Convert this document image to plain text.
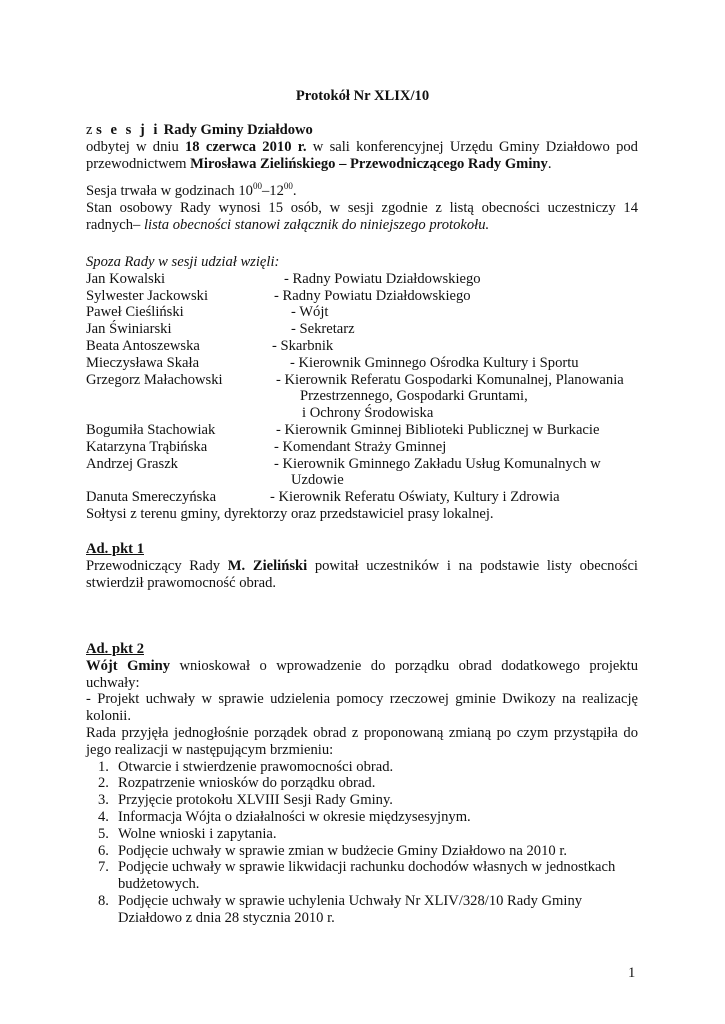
Protokół Nr XLIX/10
z s e s j i Rady Gminy Działdowo
odbytej w dniu 18 czerwca 2010 r. w sali konferencyjnej Urzędu Gminy Działdowo pod przewodnictwem Mirosława Zielińskiego – Przewodniczącego Rady Gminy.
Sesja trwała w godzinach $10^{00}-12^{00}$.
Stan osobowy Rady wynosi 15 osób, w sesji zgodnie z listą obecności uczestniczy 14 radnych– lista obecności stanowi załącznik do niniejszego protokołu.
Spoza Rady w sesji udział wzięli:
Jan Kowalski	- Radny Powiatu Działdowskiego
Sylwester Jackowski	- Radny Powiatu Działdowskiego
Paweł Cieśliński	- Wójt
Jan Świniarski	- Sekretarz
Beata Antoszewska	- Skarbnik
Mieczysława Skała	- Kierownik Gminnego Ośrodka Kultury i Sportu
Grzegorz Małachowski	- Kierownik Referatu Gospodarki Komunalnej, Planowania
Przestrzennego, Gospodarki Gruntami,
i Ochrony Środowiska
Bogumiła Stachowiak	- Kierownik Gminnej Biblioteki Publicznej w Burkacie
Katarzyna Trąbińska	- Komendant Straży Gminnej
Andrzej Graszk	- Kierownik Gminnego Zakładu Usług Komunalnych w
Uzdowie
Danuta Smereczyńska	- Kierownik Referatu Oświaty, Kultury i Zdrowia
Sołtysi z terenu gminy, dyrektorzy oraz przedstawiciel prasy lokalnej.
Ad. pkt 1
Przewodniczący Rady M. Zieliński powitał uczestników i na podstawie listy obecności stwierdził prawomocność obrad.
Ad. pkt 2
Wójt Gminy wnioskował o wprowadzenie do porządku obrad dodatkowego projektu uchwały:
- Projekt uchwały w sprawie udzielenia pomocy rzeczowej gminie Dwikozy na realizację kolonii.
Rada przyjęła jednogłośnie porządek obrad z proponowaną zmianą po czym przystąpiła do jego realizacji w następującym brzmieniu:
1. Otwarcie i stwierdzenie prawomocności obrad.
2. Rozpatrzenie wniosków do porządku obrad.
3. Przyjęcie protokołu XLVIII Sesji Rady Gminy.
4. Informacja Wójta o działalności w okresie międzysesyjnym.
5. Wolne wnioski i zapytania.
6. Podjęcie uchwały w sprawie zmian w budżecie Gminy Działdowo na 2010 r.
7. Podjęcie uchwały w sprawie likwidacji rachunku dochodów własnych w jednostkach budżetowych.
8. Podjęcie uchwały w sprawie uchylenia Uchwały Nr XLIV/328/10 Rady Gminy Działdowo z dnia 28 stycznia 2010 r.
1
